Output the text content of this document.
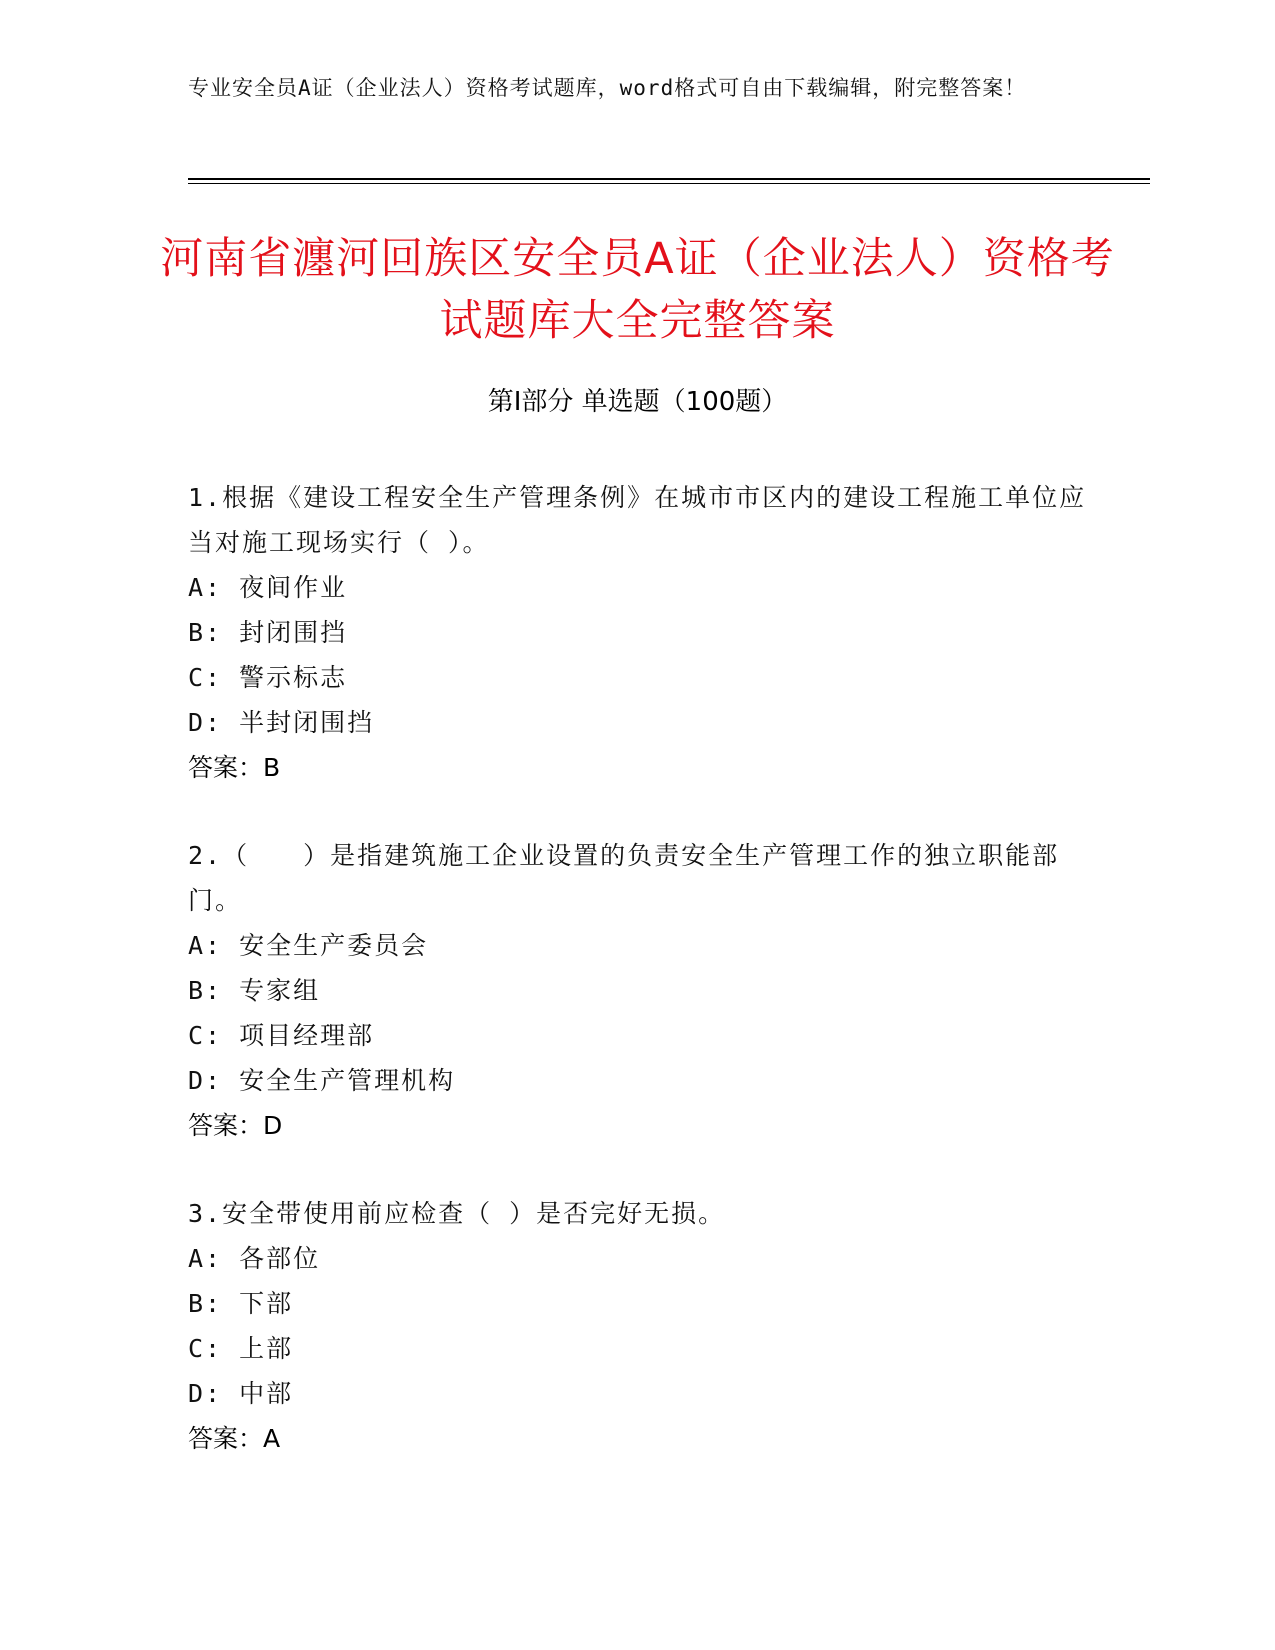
专业安全员A证（企业法人）资格考试题库，word格式可自由下载编辑，附完整答案！
河南省瀍河回族区安全员A证（企业法人）资格考试题库大全完整答案
第Ⅰ部分 单选题（100题）
1.根据《建设工程安全生产管理条例》在城市市区内的建设工程施工单位应当对施工现场实行（ ）。
A: 夜间作业
B: 封闭围挡
C: 警示标志
D: 半封闭围挡
答案：B
2.（　　）是指建筑施工企业设置的负责安全生产管理工作的独立职能部门。
A: 安全生产委员会
B: 专家组
C: 项目经理部
D: 安全生产管理机构
答案：D
3.安全带使用前应检查（ ）是否完好无损。
A: 各部位
B: 下部
C: 上部
D: 中部
答案：A
